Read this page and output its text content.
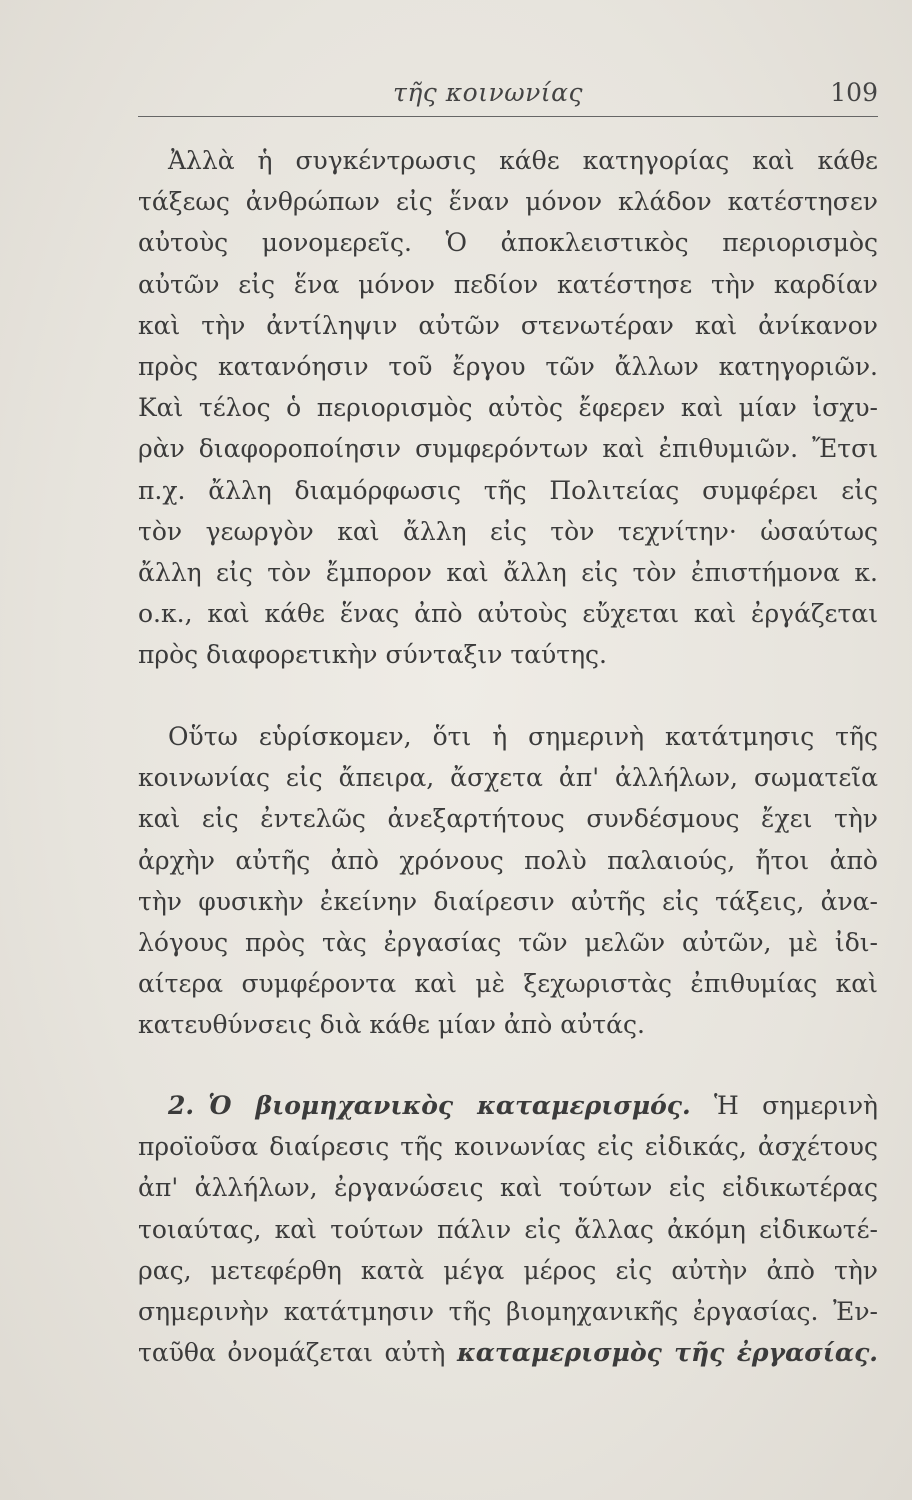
τῆς κοινωνίας	109
Ἀλλὰ ἡ συγκέντρωσις κάθε κατηγορίας καὶ κάθε
τάξεως ἀνθρώπων εἰς ἕναν μόνον κλάδον κατέστησεν
αὐτοὺς μονομερεῖς. Ὁ ἀποκλειστικὸς περιορισμὸς
αὐτῶν εἰς ἕνα μόνον πεδίον κατέστησε τὴν καρδίαν
καὶ τὴν ἀντίληψιν αὐτῶν στενωτέραν καὶ ἀνίκανον
πρὸς κατανόησιν τοῦ ἔργου τῶν ἄλλων κατηγοριῶν.
Καὶ τέλος ὁ περιορισμὸς αὐτὸς ἔφερεν καὶ μίαν ἰσχυ-
ρὰν διαφοροποίησιν συμφερόντων καὶ ἐπιθυμιῶν. Ἔτσι
π.χ. ἄλλη διαμόρφωσις τῆς Πολιτείας συμφέρει εἰς
τὸν γεωργὸν καὶ ἄλλη εἰς τὸν τεχνίτην· ὡσαύτως
ἄλλη εἰς τὸν ἔμπορον καὶ ἄλλη εἰς τὸν ἐπιστήμονα κ.
ο.κ., καὶ κάθε ἕνας ἀπὸ αὐτοὺς εὔχεται καὶ ἐργάζεται
πρὸς διαφορετικὴν σύνταξιν ταύτης.
Οὕτω εὑρίσκομεν, ὅτι ἡ σημερινὴ κατάτμησις τῆς
κοινωνίας εἰς ἄπειρα, ἄσχετα ἀπ' ἀλλήλων, σωματεῖα
καὶ εἰς ἐντελῶς ἀνεξαρτήτους συνδέσμους ἔχει τὴν
ἀρχὴν αὐτῆς ἀπὸ χρόνους πολὺ παλαιούς, ἤτοι ἀπὸ
τὴν φυσικὴν ἐκείνην διαίρεσιν αὐτῆς εἰς τάξεις, ἀνα-
λόγους πρὸς τὰς ἐργασίας τῶν μελῶν αὐτῶν, μὲ ἰδι-
αίτερα συμφέροντα καὶ μὲ ξεχωριστὰς ἐπιθυμίας καὶ
κατευθύνσεις διὰ κάθε μίαν ἀπὸ αὐτάς.
2. Ὁ βιομηχανικὸς καταμερισμός. Ἡ σημερινὴ
προϊοῦσα διαίρεσις τῆς κοινωνίας εἰς εἰδικάς, ἀσχέτους
ἀπ' ἀλλήλων, ἐργανώσεις καὶ τούτων εἰς εἰδικωτέρας
τοιαύτας, καὶ τούτων πάλιν εἰς ἄλλας ἀκόμη εἰδικωτέ-
ρας, μετεφέρθη κατὰ μέγα μέρος εἰς αὐτὴν ἀπὸ τὴν
σημερινὴν κατάτμησιν τῆς βιομηχανικῆς ἐργασίας. Ἐν-
ταῦθα ὀνομάζεται αὐτὴ καταμερισμὸς τῆς ἐργασίας.
